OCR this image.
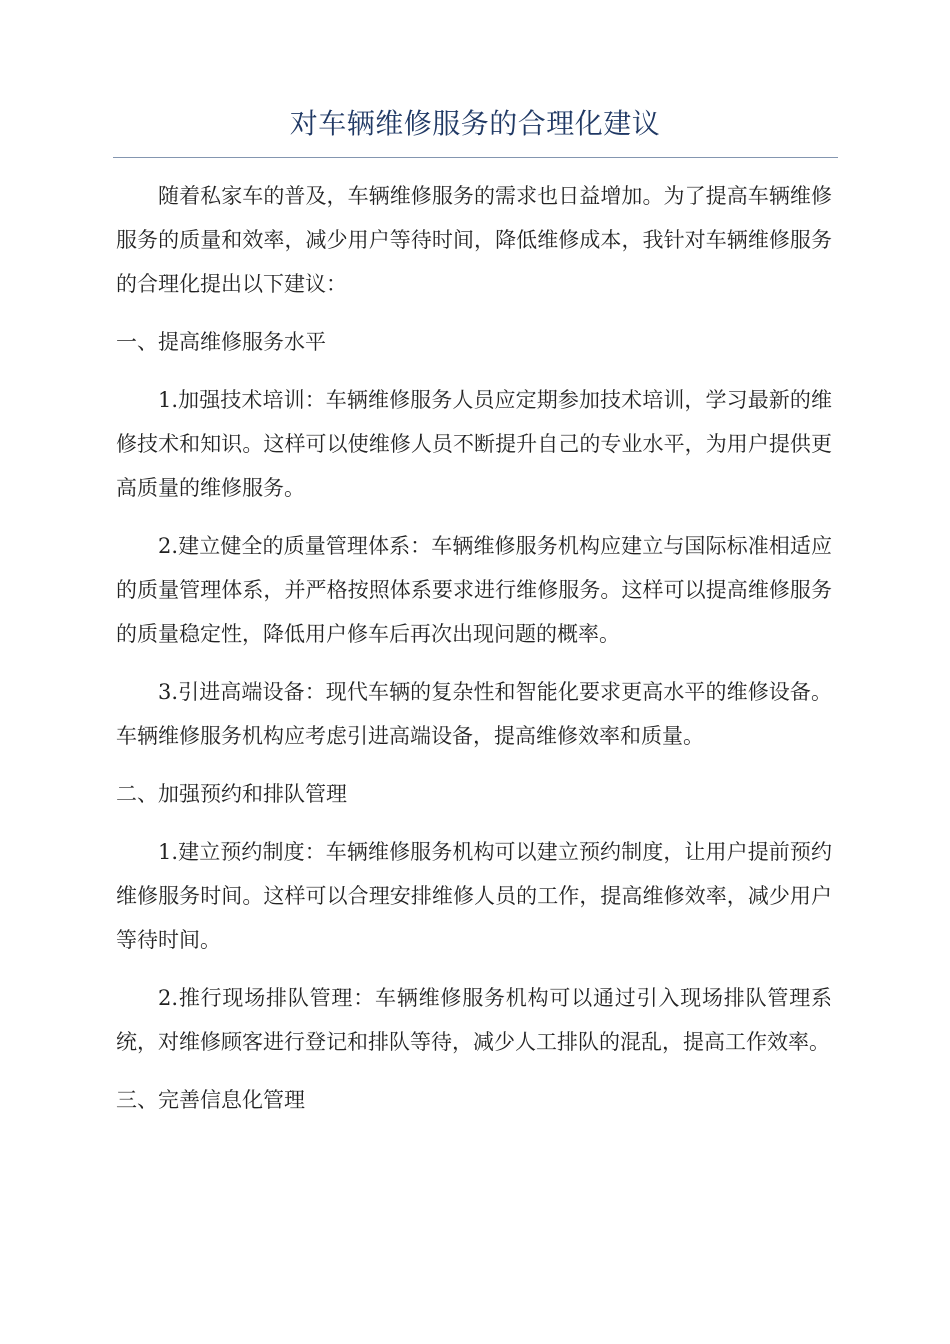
对车辆维修服务的合理化建议

随着私家车的普及，车辆维修服务的需求也日益增加。为了提高车辆维修服务的质量和效率，减少用户等待时间，降低维修成本，我针对车辆维修服务的合理化提出以下建议：

一、提高维修服务水平

1.加强技术培训：车辆维修服务人员应定期参加技术培训，学习最新的维修技术和知识。这样可以使维修人员不断提升自己的专业水平，为用户提供更高质量的维修服务。

2.建立健全的质量管理体系：车辆维修服务机构应建立与国际标准相适应的质量管理体系，并严格按照体系要求进行维修服务。这样可以提高维修服务的质量稳定性，降低用户修车后再次出现问题的概率。

3.引进高端设备：现代车辆的复杂性和智能化要求更高水平的维修设备。车辆维修服务机构应考虑引进高端设备，提高维修效率和质量。

二、加强预约和排队管理

1.建立预约制度：车辆维修服务机构可以建立预约制度，让用户提前预约维修服务时间。这样可以合理安排维修人员的工作，提高维修效率，减少用户等待时间。

2.推行现场排队管理：车辆维修服务机构可以通过引入现场排队管理系统，对维修顾客进行登记和排队等待，减少人工排队的混乱，提高工作效率。

三、完善信息化管理
